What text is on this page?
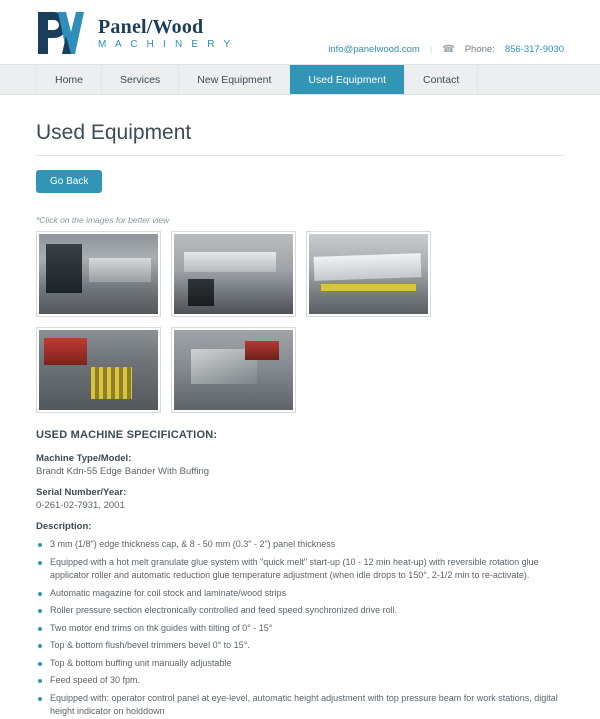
Panel/Wood
M A C H I N E R Y	info@panelwood.com | ☎ Phone: 856-317-9030
Home	Services	New Equipment	Used Equipment	Contact
Used Equipment
Go Back
*Click on the images for better view
USED MACHINE SPECIFICATION:
Machine Type/Model:
Brandt Kdn-55 Edge Bander With Buffing
Serial Number/Year:
0-261-02-7931, 2001
Description:
3 mm (1/8") edge thickness cap, & 8 - 50 mm (0.3" - 2") panel thickness
Equipped with a hot melt granulate glue system with "quick melt" start-up (10 - 12 min heat-up) with reversible rotation glue applicator roller and automatic reduction glue temperature adjustment (when idle drops to 150°, 2-1/2 min to re-activate).
Automatic magazine for coil stock and laminate/wood strips
Roller pressure section electronically controlled and feed speed synchronized drive roll.
Two motor end trims on thk guides with tilting of 0° - 15°
Top & bottom flush/bevel trimmers bevel 0° to 15°.
Top & bottom buffing unit manually adjustable
Feed speed of 30 fpm.
Equipped with: operator control panel at eye-level, automatic height adjustment with top pressure beam for work stations, digital height indicator on holddown
